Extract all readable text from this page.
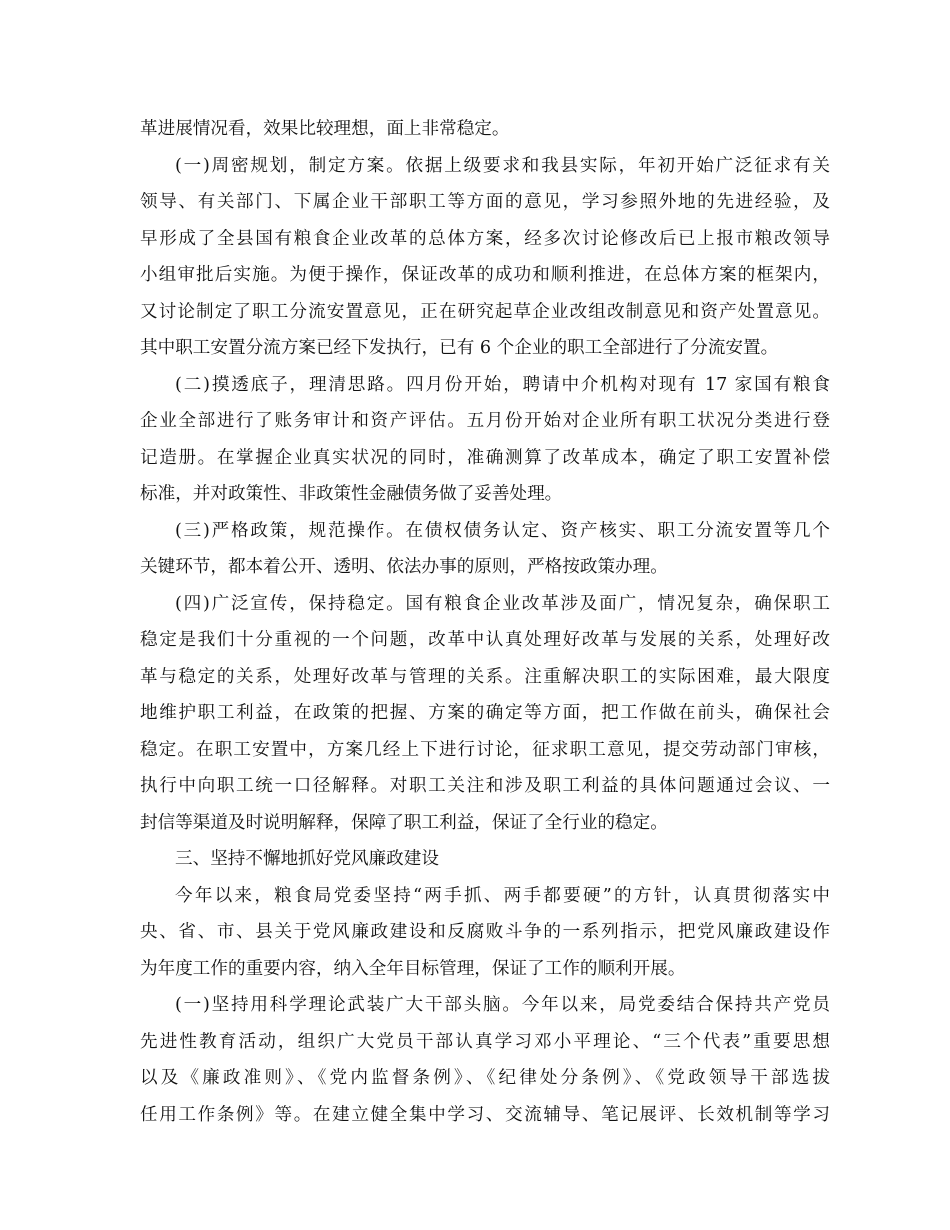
革进展情况看，效果比较理想，面上非常稳定。
(一)周密规划，制定方案。依据上级要求和我县实际，年初开始广泛征求有关
领导、有关部门、下属企业干部职工等方面的意见，学习参照外地的先进经验，及
早形成了全县国有粮食企业改革的总体方案，经多次讨论修改后已上报市粮改领导
小组审批后实施。为便于操作，保证改革的成功和顺利推进，在总体方案的框架内，
又讨论制定了职工分流安置意见，正在研究起草企业改组改制意见和资产处置意见。
其中职工安置分流方案已经下发执行，已有 6 个企业的职工全部进行了分流安置。
(二)摸透底子，理清思路。四月份开始，聘请中介机构对现有 17 家国有粮食
企业全部进行了账务审计和资产评估。五月份开始对企业所有职工状况分类进行登
记造册。在掌握企业真实状况的同时，准确测算了改革成本，确定了职工安置补偿
标准，并对政策性、非政策性金融债务做了妥善处理。
(三)严格政策，规范操作。在债权债务认定、资产核实、职工分流安置等几个
关键环节，都本着公开、透明、依法办事的原则，严格按政策办理。
(四)广泛宣传，保持稳定。国有粮食企业改革涉及面广，情况复杂，确保职工
稳定是我们十分重视的一个问题，改革中认真处理好改革与发展的关系，处理好改
革与稳定的关系，处理好改革与管理的关系。注重解决职工的实际困难，最大限度
地维护职工利益，在政策的把握、方案的确定等方面，把工作做在前头，确保社会
稳定。在职工安置中，方案几经上下进行讨论，征求职工意见，提交劳动部门审核，
执行中向职工统一口径解释。对职工关注和涉及职工利益的具体问题通过会议、一
封信等渠道及时说明解释，保障了职工利益，保证了全行业的稳定。
三、坚持不懈地抓好党风廉政建设
今年以来，粮食局党委坚持“两手抓、两手都要硬”的方针，认真贯彻落实中
央、省、市、县关于党风廉政建设和反腐败斗争的一系列指示，把党风廉政建设作
为年度工作的重要内容，纳入全年目标管理，保证了工作的顺利开展。
(一)坚持用科学理论武装广大干部头脑。今年以来，局党委结合保持共产党员
先进性教育活动，组织广大党员干部认真学习邓小平理论、“三个代表”重要思想
以及《廉政准则》、《党内监督条例》、《纪律处分条例》、《党政领导干部选拔
任用工作条例》等。在建立健全集中学习、交流辅导、笔记展评、长效机制等学习
